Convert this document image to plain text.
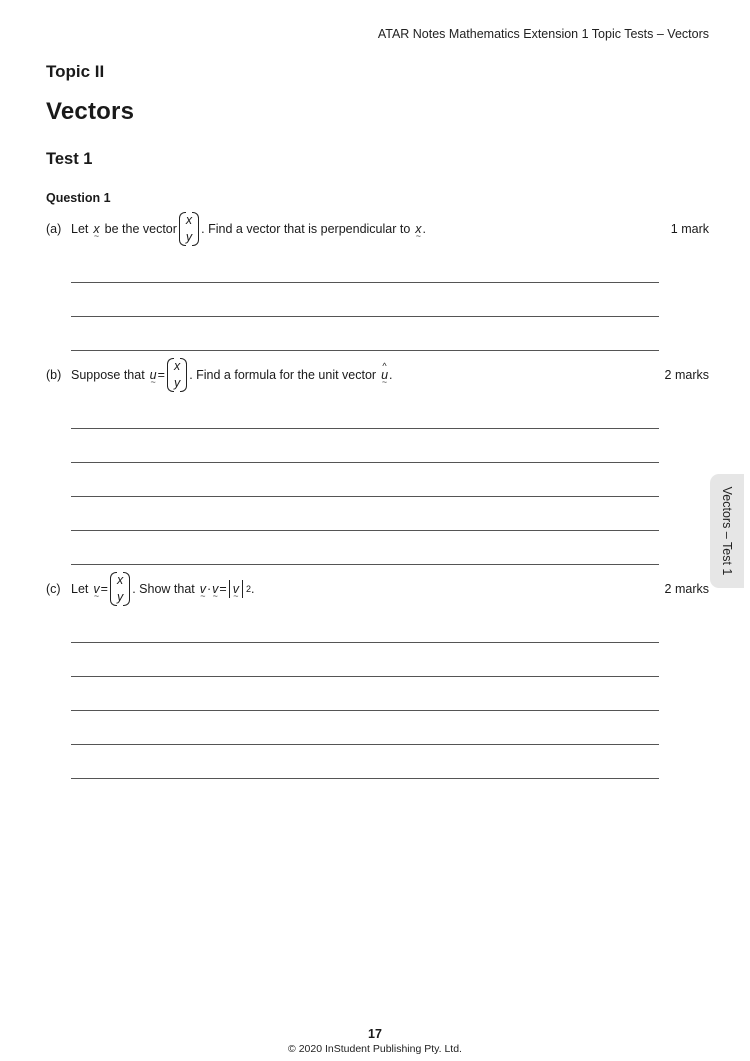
ATAR Notes Mathematics Extension 1 Topic Tests – Vectors
Topic II
Vectors
Test 1
Question 1
(a) Let x ~ be the vector
x
y
. Find a vector that is perpendicular to x ~ .	1 mark
(b) Suppose that u ~ =
x
y
. Find a formula for the unit vector
^ u ~ .	2 marks
(c) Let v ~ =
x
y
. Show that v ~ · v ~ = v ~ 2 .	2 marks
Vectors – Test 1
17
© 2020 InStudent Publishing Pty. Ltd.
